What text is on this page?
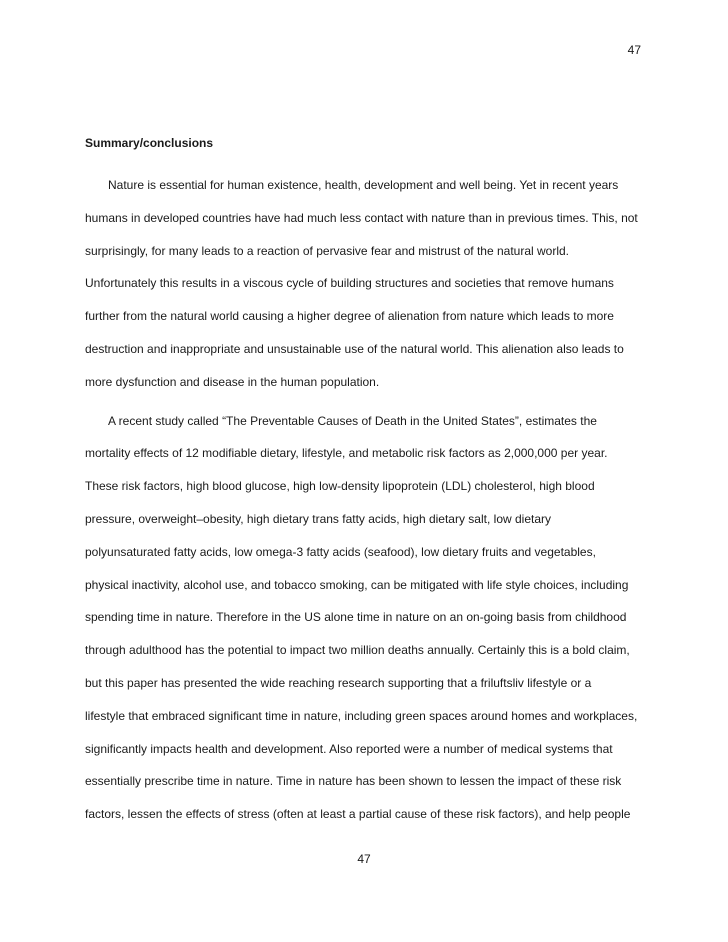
47
Summary/conclusions

Nature is essential for human existence, health, development and well being. Yet in recent years
humans in developed countries have had much less contact with nature than in previous times. This, not
surprisingly, for many leads to a reaction of pervasive fear and mistrust of the natural world.
Unfortunately this results in a viscous cycle of building structures and societies that remove humans
further from the natural world causing a higher degree of alienation from nature which leads to more
destruction and inappropriate and unsustainable use of the natural world. This alienation also leads to
more dysfunction and disease in the human population.

A recent study called “The Preventable Causes of Death in the United States”, estimates the
mortality effects of 12 modifiable dietary, lifestyle, and metabolic risk factors as 2,000,000 per year.
These risk factors, high blood glucose, high low-density lipoprotein (LDL) cholesterol, high blood
pressure, overweight–obesity, high dietary trans fatty acids, high dietary salt, low dietary
polyunsaturated fatty acids, low omega-3 fatty acids (seafood), low dietary fruits and vegetables,
physical inactivity, alcohol use, and tobacco smoking, can be mitigated with life style choices, including
spending time in nature. Therefore in the US alone time in nature on an on-going basis from childhood
through adulthood has the potential to impact two million deaths annually. Certainly this is a bold claim,
but this paper has presented the wide reaching research supporting that a friluftsliv lifestyle or a
lifestyle that embraced significant time in nature, including green spaces around homes and workplaces,
significantly impacts health and development. Also reported were a number of medical systems that
essentially prescribe time in nature. Time in nature has been shown to lessen the impact of these risk
factors, lessen the effects of stress (often at least a partial cause of these risk factors), and help people

47
